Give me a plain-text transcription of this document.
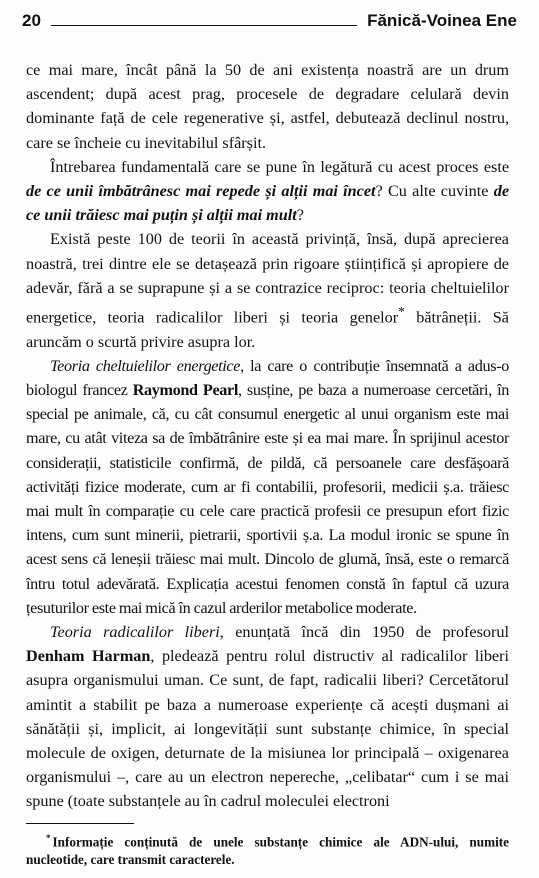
20	Fănică-Voinea Ene

ce mai mare, încât până la 50 de ani existența noastră are un drum ascendent; după acest prag, procesele de degradare celulară devin dominante față de cele regenerative și, astfel, debutează declinul nostru, care se încheie cu inevitabilul sfârșit.

Întrebarea fundamentală care se pune în legătură cu acest proces este de ce unii îmbătrânesc mai repede și alții mai încet? Cu alte cuvinte de ce unii trăiesc mai puțin și alții mai mult?

Există peste 100 de teorii în această privință, însă, după aprecierea noastră, trei dintre ele se detașează prin rigoare științifică și apropiere de adevăr, fără a se suprapune și a se contrazice reciproc: teoria cheltuielilor energetice, teoria radicalilor liberi și teoria genelor* bătrâneții. Să aruncăm o scurtă privire asupra lor.

Teoria cheltuielilor energetice, la care o contribuție însemnată a adus-o biologul francez Raymond Pearl, susține, pe baza a numeroase cercetări, în special pe animale, că, cu cât consumul energetic al unui organism este mai mare, cu atât viteza sa de îmbătrânire este și ea mai mare. În sprijinul acestor considerații, statisticile confirmă, de pildă, că persoanele care desfășoară activități fizice moderate, cum ar fi contabilii, profesorii, medicii ș.a. trăiesc mai mult în comparație cu cele care practică profesii ce presupun efort fizic intens, cum sunt minerii, pietrarii, sportivii ș.a. La modul ironic se spune în acest sens că leneșii trăiesc mai mult. Dincolo de glumă, însă, este o remarcă întru totul adevărată. Explicația acestui fenomen constă în faptul că uzura țesuturilor este mai mică în cazul arderilor metabolice moderate.

Teoria radicalilor liberi, enunțată încă din 1950 de profesorul Denham Harman, pledează pentru rolul distructiv al radicalilor liberi asupra organismului uman. Ce sunt, de fapt, radicalii liberi? Cercetătorul amintit a stabilit pe baza a numeroase experiențe că acești dușmani ai sănătății și, implicit, ai longevității sunt substanțe chimice, în special molecule de oxigen, deturnate de la misiunea lor principală – oxigenarea organismului –, care au un electron neperechе, „celibatar“ cum i se mai spune (toate substanțele au în cadrul moleculei electroni

* Informație conținută de unele substanțe chimice ale ADN-ului, numite nucleotide, care transmit caracterele.
